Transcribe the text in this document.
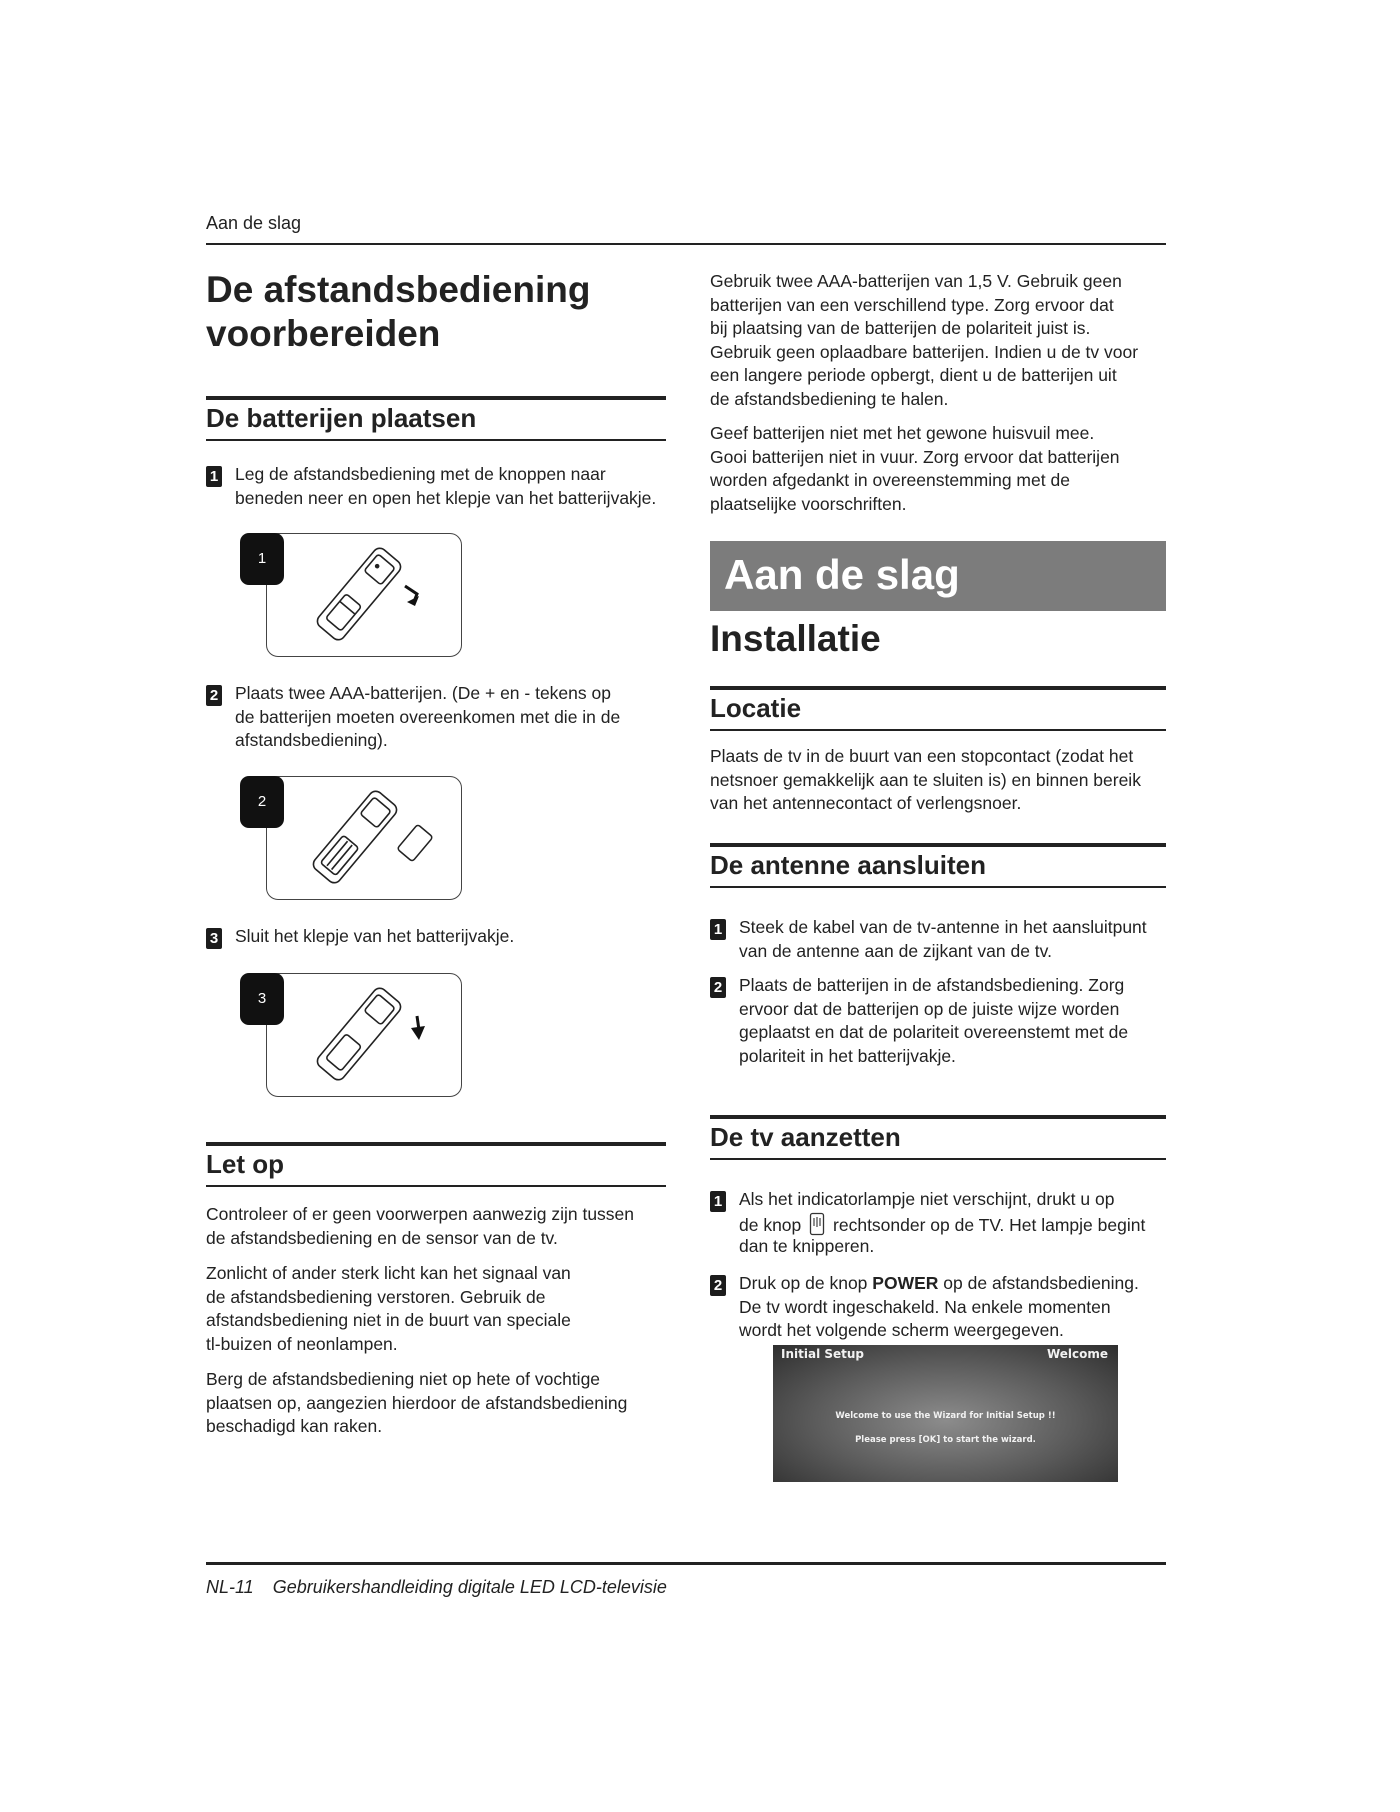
Aan de slag
De afstandsbediening
voorbereiden
De batterijen plaatsen
1 Leg de afstandsbediening met de knoppen naar
beneden neer en open het klepje van het batterijvakje.
1
2 Plaats twee AAA-batterijen. (De + en - tekens op
de batterijen moeten overeenkomen met die in de
afstandsbediening).
2
3 Sluit het klepje van het batterijvakje.
3
Let op
Controleer of er geen voorwerpen aanwezig zijn tussen
de afstandsbediening en de sensor van de tv.
Zonlicht of ander sterk licht kan het signaal van
de afstandsbediening verstoren. Gebruik de
afstandsbediening niet in de buurt van speciale
tl-buizen of neonlampen.
Berg de afstandsbediening niet op hete of vochtige
plaatsen op, aangezien hierdoor de afstandsbediening
beschadigd kan raken.
Gebruik twee AAA-batterijen van 1,5 V. Gebruik geen
batterijen van een verschillend type. Zorg ervoor dat
bij plaatsing van de batterijen de polariteit juist is.
Gebruik geen oplaadbare batterijen. Indien u de tv voor
een langere periode opbergt, dient u de batterijen uit
de afstandsbediening te halen.
Geef batterijen niet met het gewone huisvuil mee.
Gooi batterijen niet in vuur. Zorg ervoor dat batterijen
worden afgedankt in overeenstemming met de
plaatselijke voorschriften.
Aan de slag
Installatie
Locatie
Plaats de tv in de buurt van een stopcontact (zodat het
netsnoer gemakkelijk aan te sluiten is) en binnen bereik
van het antennecontact of verlengsnoer.
De antenne aansluiten
1 Steek de kabel van de tv-antenne in het aansluitpunt
van de antenne aan de zijkant van de tv.
2 Plaats de batterijen in de afstandsbediening. Zorg
ervoor dat de batterijen op de juiste wijze worden
geplaatst en dat de polariteit overeenstemt met de
polariteit in het batterijvakje.
De tv aanzetten
1 Als het indicatorlampje niet verschijnt, drukt u op
de knop rechtsonder op de TV. Het lampje begint
dan te knipperen.
2 Druk op de knop POWER op de afstandsbediening.
De tv wordt ingeschakeld. Na enkele momenten
wordt het volgende scherm weergegeven.
Initial Setup	Welcome
Welcome to use the Wizard for Initial Setup !!
Please press [OK] to start the wizard.
NL-11 Gebruikershandleiding digitale LED LCD-televisie
